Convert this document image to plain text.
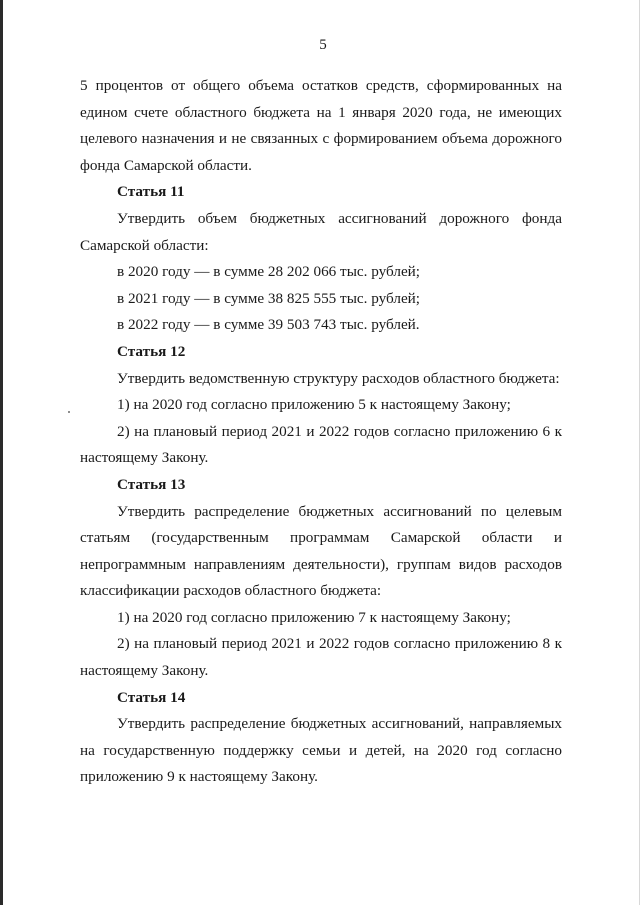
5

5 процентов от общего объема остатков средств, сформированных на едином счете областного бюджета на 1 января 2020 года, не имеющих целевого назначения и не связанных с формированием объема дорожного фонда Самарской области.

Статья 11

Утвердить объем бюджетных ассигнований дорожного фонда Самарской области:

в 2020 году — в сумме 28 202 066 тыс. рублей;

в 2021 году — в сумме 38 825 555 тыс. рублей;

в 2022 году — в сумме 39 503 743 тыс. рублей.

Статья 12

Утвердить ведомственную структуру расходов областного бюджета:

1) на 2020 год согласно приложению 5 к настоящему Закону;

2) на плановый период 2021 и 2022 годов согласно приложению 6 к настоящему Закону.

Статья 13

Утвердить распределение бюджетных ассигнований по целевым статьям (государственным программам Самарской области и непрограммным направлениям деятельности), группам видов расходов классификации расходов областного бюджета:

1) на 2020 год согласно приложению 7 к настоящему Закону;

2) на плановый период 2021 и 2022 годов согласно приложению 8 к настоящему Закону.

Статья 14

Утвердить распределение бюджетных ассигнований, направляемых на государственную поддержку семьи и детей, на 2020 год согласно приложению 9 к настоящему Закону.
